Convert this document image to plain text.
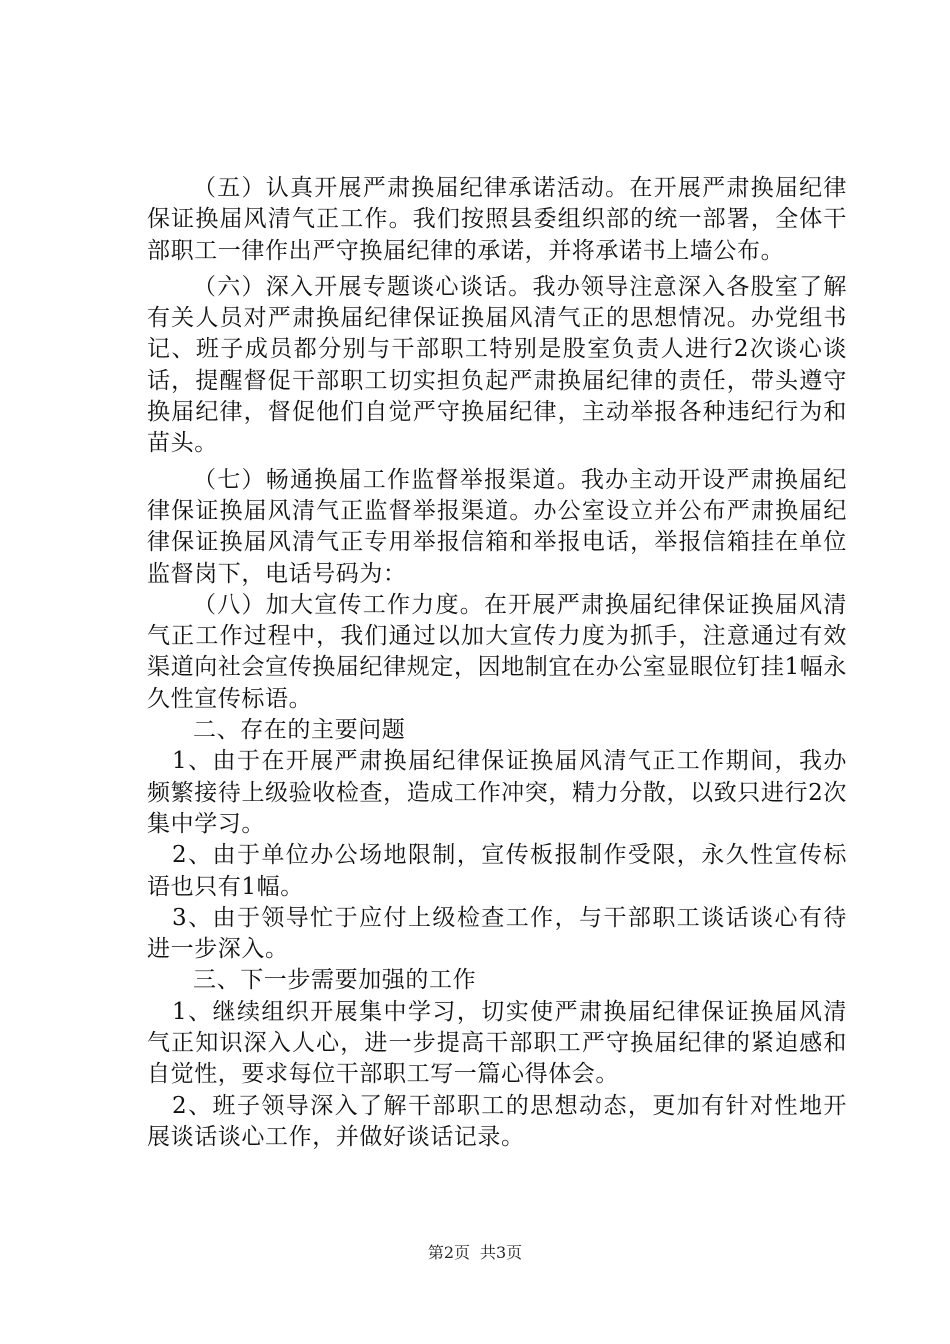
（五）认真开展严肃换届纪律承诺活动。在开展严肃换届纪律保证换届风清气正工作。我们按照县委组织部的统一部署，全体干部职工一律作出严守换届纪律的承诺，并将承诺书上墙公布。

（六）深入开展专题谈心谈话。我办领导注意深入各股室了解有关人员对严肃换届纪律保证换届风清气正的思想情况。办党组书记、班子成员都分别与干部职工特别是股室负责人进行2次谈心谈话，提醒督促干部职工切实担负起严肃换届纪律的责任，带头遵守换届纪律，督促他们自觉严守换届纪律，主动举报各种违纪行为和苗头。

（七）畅通换届工作监督举报渠道。我办主动开设严肃换届纪律保证换届风清气正监督举报渠道。办公室设立并公布严肃换届纪律保证换届风清气正专用举报信箱和举报电话，举报信箱挂在单位监督岗下，电话号码为：

（八）加大宣传工作力度。在开展严肃换届纪律保证换届风清气正工作过程中，我们通过以加大宣传力度为抓手，注意通过有效渠道向社会宣传换届纪律规定，因地制宜在办公室显眼位钉挂1幅永久性宣传标语。

二、存在的主要问题

1、由于在开展严肃换届纪律保证换届风清气正工作期间，我办频繁接待上级验收检查，造成工作冲突，精力分散，以致只进行2次集中学习。

2、由于单位办公场地限制，宣传板报制作受限，永久性宣传标语也只有1幅。

3、由于领导忙于应付上级检查工作，与干部职工谈话谈心有待进一步深入。

三、下一步需要加强的工作

1、继续组织开展集中学习，切实使严肃换届纪律保证换届风清气正知识深入人心，进一步提高干部职工严守换届纪律的紧迫感和自觉性，要求每位干部职工写一篇心得体会。

2、班子领导深入了解干部职工的思想动态，更加有针对性地开展谈话谈心工作，并做好谈话记录。

第2页 共3页
